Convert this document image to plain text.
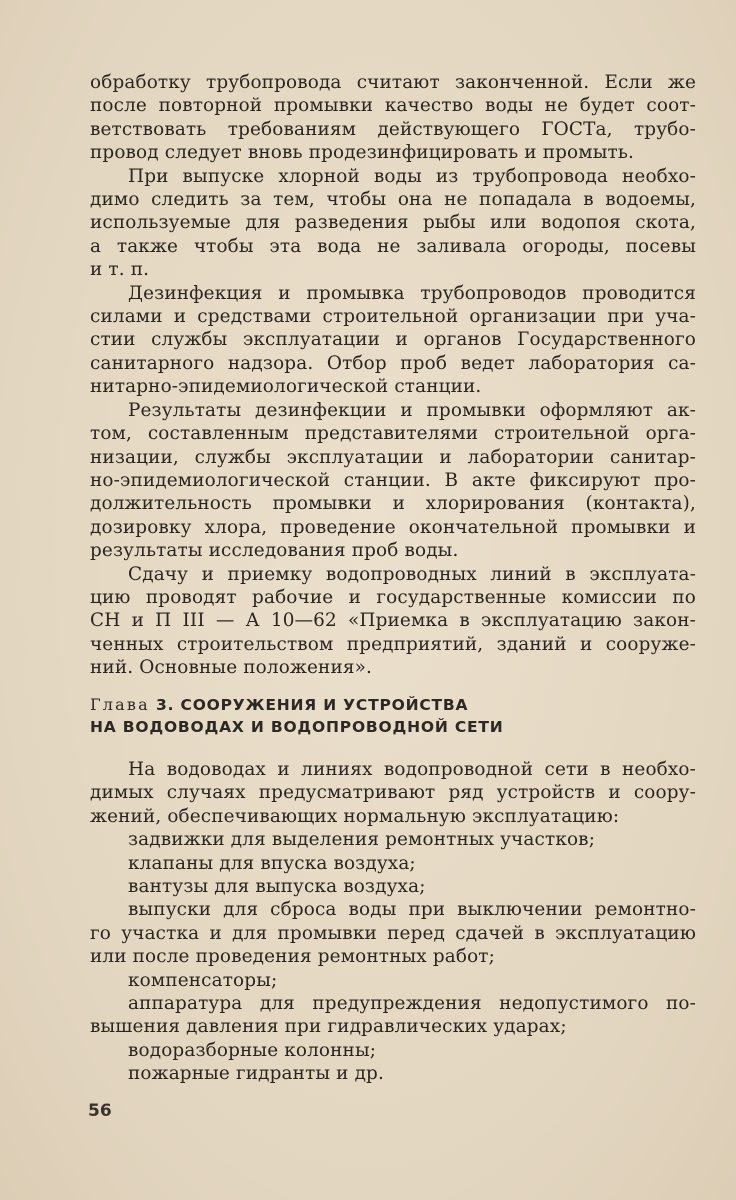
обработку трубопровода считают законченной. Если же
после повторной промывки качество воды не будет соот-
ветствовать требованиям действующего ГОСТа, трубо-
провод следует вновь продезинфицировать и промыть.
При выпуске хлорной воды из трубопровода необхо-
димо следить за тем, чтобы она не попадала в водоемы,
используемые для разведения рыбы или водопоя скота,
а также чтобы эта вода не заливала огороды, посевы
и т. п.
Дезинфекция и промывка трубопроводов проводится
силами и средствами строительной организации при уча-
стии службы эксплуатации и органов Государственного
санитарного надзора. Отбор проб ведет лаборатория са-
нитарно-эпидемиологической станции.
Результаты дезинфекции и промывки оформляют ак-
том, составленным представителями строительной орга-
низации, службы эксплуатации и лаборатории санитар-
но-эпидемиологической станции. В акте фиксируют про-
должительность промывки и хлорирования (контакта),
дозировку хлора, проведение окончательной промывки и
результаты исследования проб воды.
Сдачу и приемку водопроводных линий в эксплуата-
цию проводят рабочие и государственные комиссии по
СН и П III — А 10—62 «Приемка в эксплуатацию закон-
ченных строительством предприятий, зданий и сооруже-
ний. Основные положения».
Глава 3. СООРУЖЕНИЯ И УСТРОЙСТВА
НА ВОДОВОДАХ И ВОДОПРОВОДНОЙ СЕТИ
На водоводах и линиях водопроводной сети в необхо-
димых случаях предусматривают ряд устройств и соору-
жений, обеспечивающих нормальную эксплуатацию:
задвижки для выделения ремонтных участков;
клапаны для впуска воздуха;
вантузы для выпуска воздуха;
выпуски для сброса воды при выключении ремонтно-
го участка и для промывки перед сдачей в эксплуатацию
или после проведения ремонтных работ;
компенсаторы;
аппаратура для предупреждения недопустимого по-
вышения давления при гидравлических ударах;
водоразборные колонны;
пожарные гидранты и др.
56
